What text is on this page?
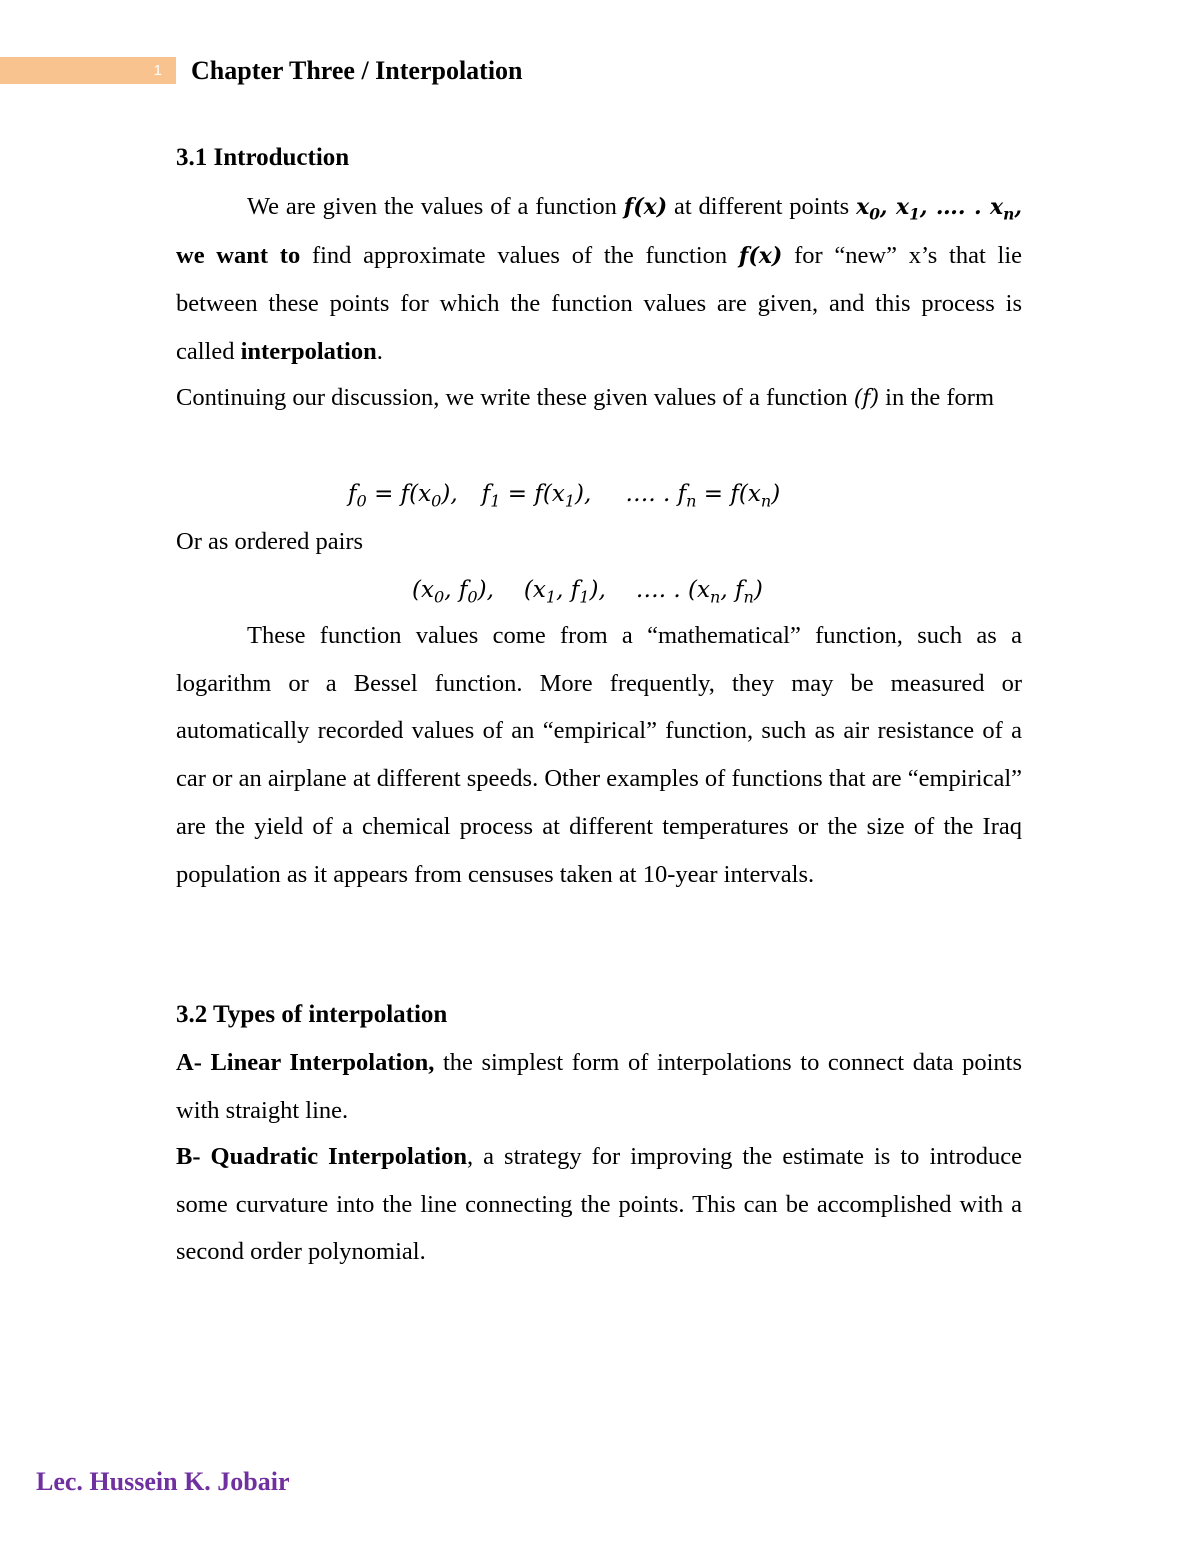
1	Chapter Three / Interpolation
3.1 Introduction
We are given the values of a function f(x) at different points $x_0$, $x_1$, …. . $x_n$, we want to find approximate values of the function f(x) for “new” x’s that lie between these points for which the function values are given, and this process is called interpolation.
Continuing our discussion, we write these given values of a function (f) in the form
$f_0 = f(x_0)$, $f_1 = f(x_1)$, …. . $f_n = f(x_n)$
Or as ordered pairs
($x_0$, $f_0$), ($x_1$, $f_1$), …. . ($x_n$, $f_n$)
These function values come from a “mathematical” function, such as a logarithm or a Bessel function. More frequently, they may be measured or automatically recorded values of an “empirical” function, such as air resistance of a car or an airplane at different speeds. Other examples of functions that are “empirical” are the yield of a chemical process at different temperatures or the size of the Iraq population as it appears from censuses taken at 10-year intervals.
3.2 Types of interpolation
A- Linear Interpolation, the simplest form of interpolations to connect data points with straight line.
B- Quadratic Interpolation, a strategy for improving the estimate is to introduce some curvature into the line connecting the points. This can be accomplished with a second order polynomial.
Lec. Hussein K. Jobair
